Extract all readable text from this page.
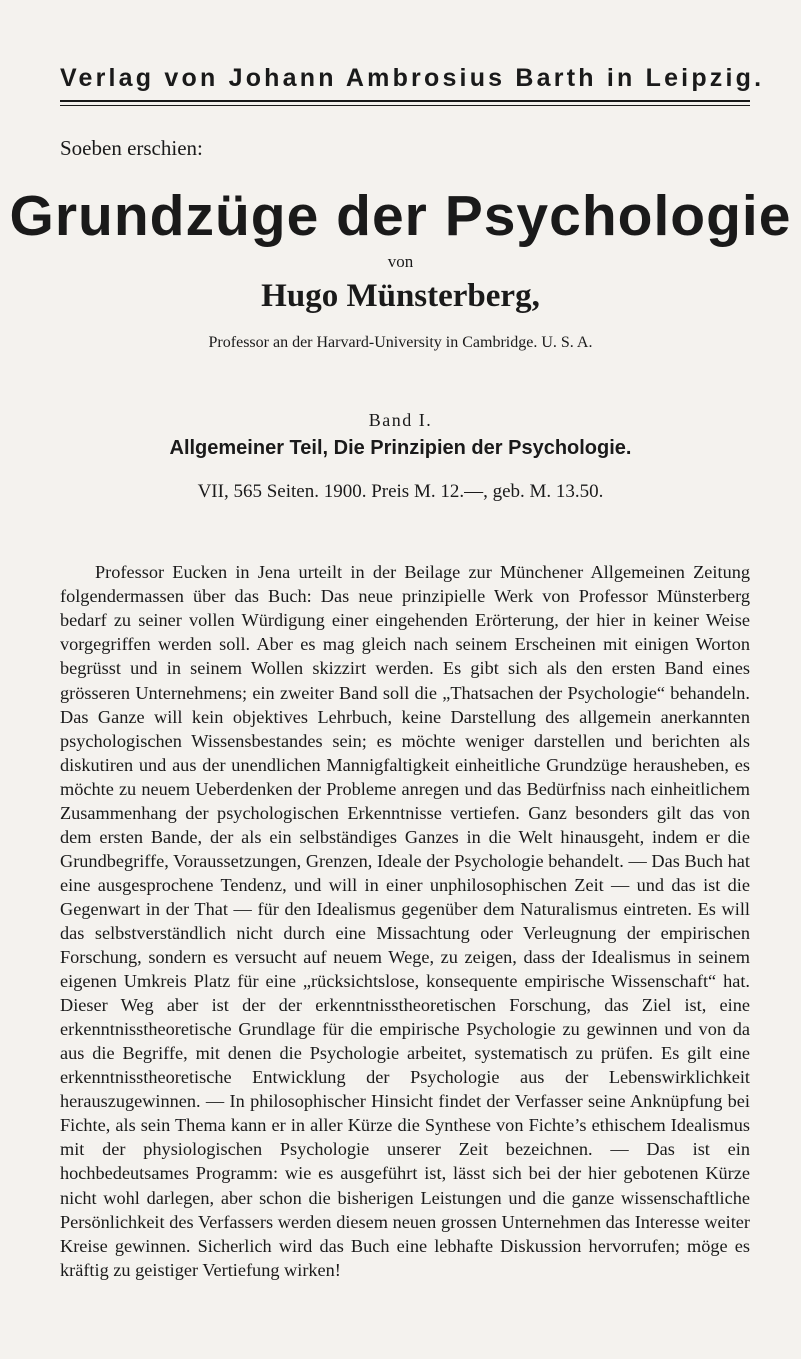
Verlag von Johann Ambrosius Barth in Leipzig.
Soeben erschien:
Grundzüge der Psychologie
von
Hugo Münsterberg,
Professor an der Harvard-University in Cambridge. U. S. A.
Band I.
Allgemeiner Teil, Die Prinzipien der Psychologie.
VII, 565 Seiten. 1900. Preis M. 12.—, geb. M. 13.50.

Professor Eucken in Jena urteilt in der Beilage zur Münchener Allgemeinen Zeitung folgendermassen über das Buch: Das neue prinzipielle Werk von Professor Münsterberg bedarf zu seiner vollen Würdigung einer eingehenden Erörterung, der hier in keiner Weise vorgegriffen werden soll. Aber es mag gleich nach seinem Erscheinen mit einigen Worton begrüsst und in seinem Wollen skizzirt werden. Es gibt sich als den ersten Band eines grösseren Unternehmens; ein zweiter Band soll die „Thatsachen der Psychologie“ behandeln. Das Ganze will kein objektives Lehrbuch, keine Darstellung des allgemein anerkannten psychologischen Wissensbestandes sein; es möchte weniger darstellen und berichten als diskutiren und aus der unendlichen Mannigfaltigkeit einheitliche Grundzüge herausheben, es möchte zu neuem Ueberdenken der Probleme anregen und das Bedürfniss nach einheitlichem Zusammenhang der psychologischen Erkenntnisse vertiefen. Ganz besonders gilt das von dem ersten Bande, der als ein selbständiges Ganzes in die Welt hinausgeht, indem er die Grundbegriffe, Voraussetzungen, Grenzen, Ideale der Psychologie behandelt. — Das Buch hat eine ausgesprochene Tendenz, und will in einer unphilosophischen Zeit — und das ist die Gegenwart in der That — für den Idealismus gegenüber dem Naturalismus eintreten. Es will das selbstverständlich nicht durch eine Missachtung oder Verleugnung der empirischen Forschung, sondern es versucht auf neuem Wege, zu zeigen, dass der Idealismus in seinem eigenen Umkreis Platz für eine „rücksichtslose, konsequente empirische Wissenschaft“ hat. Dieser Weg aber ist der der erkenntnisstheoretischen Forschung, das Ziel ist, eine erkenntnisstheoretische Grundlage für die empirische Psychologie zu gewinnen und von da aus die Begriffe, mit denen die Psychologie arbeitet, systematisch zu prüfen. Es gilt eine erkenntnisstheoretische Entwicklung der Psychologie aus der Lebenswirklichkeit herauszugewinnen. — In philosophischer Hinsicht findet der Verfasser seine Anknüpfung bei Fichte, als sein Thema kann er in aller Kürze die Synthese von Fichte’s ethischem Idealismus mit der physiologischen Psychologie unserer Zeit bezeichnen. — Das ist ein hochbedeutsames Programm: wie es ausgeführt ist, lässt sich bei der hier gebotenen Kürze nicht wohl darlegen, aber schon die bisherigen Leistungen und die ganze wissenschaftliche Persönlichkeit des Verfassers werden diesem neuen grossen Unternehmen das Interesse weiter Kreise gewinnen. Sicherlich wird das Buch eine lebhafte Diskussion hervorrufen; möge es kräftig zu geistiger Vertiefung wirken!
